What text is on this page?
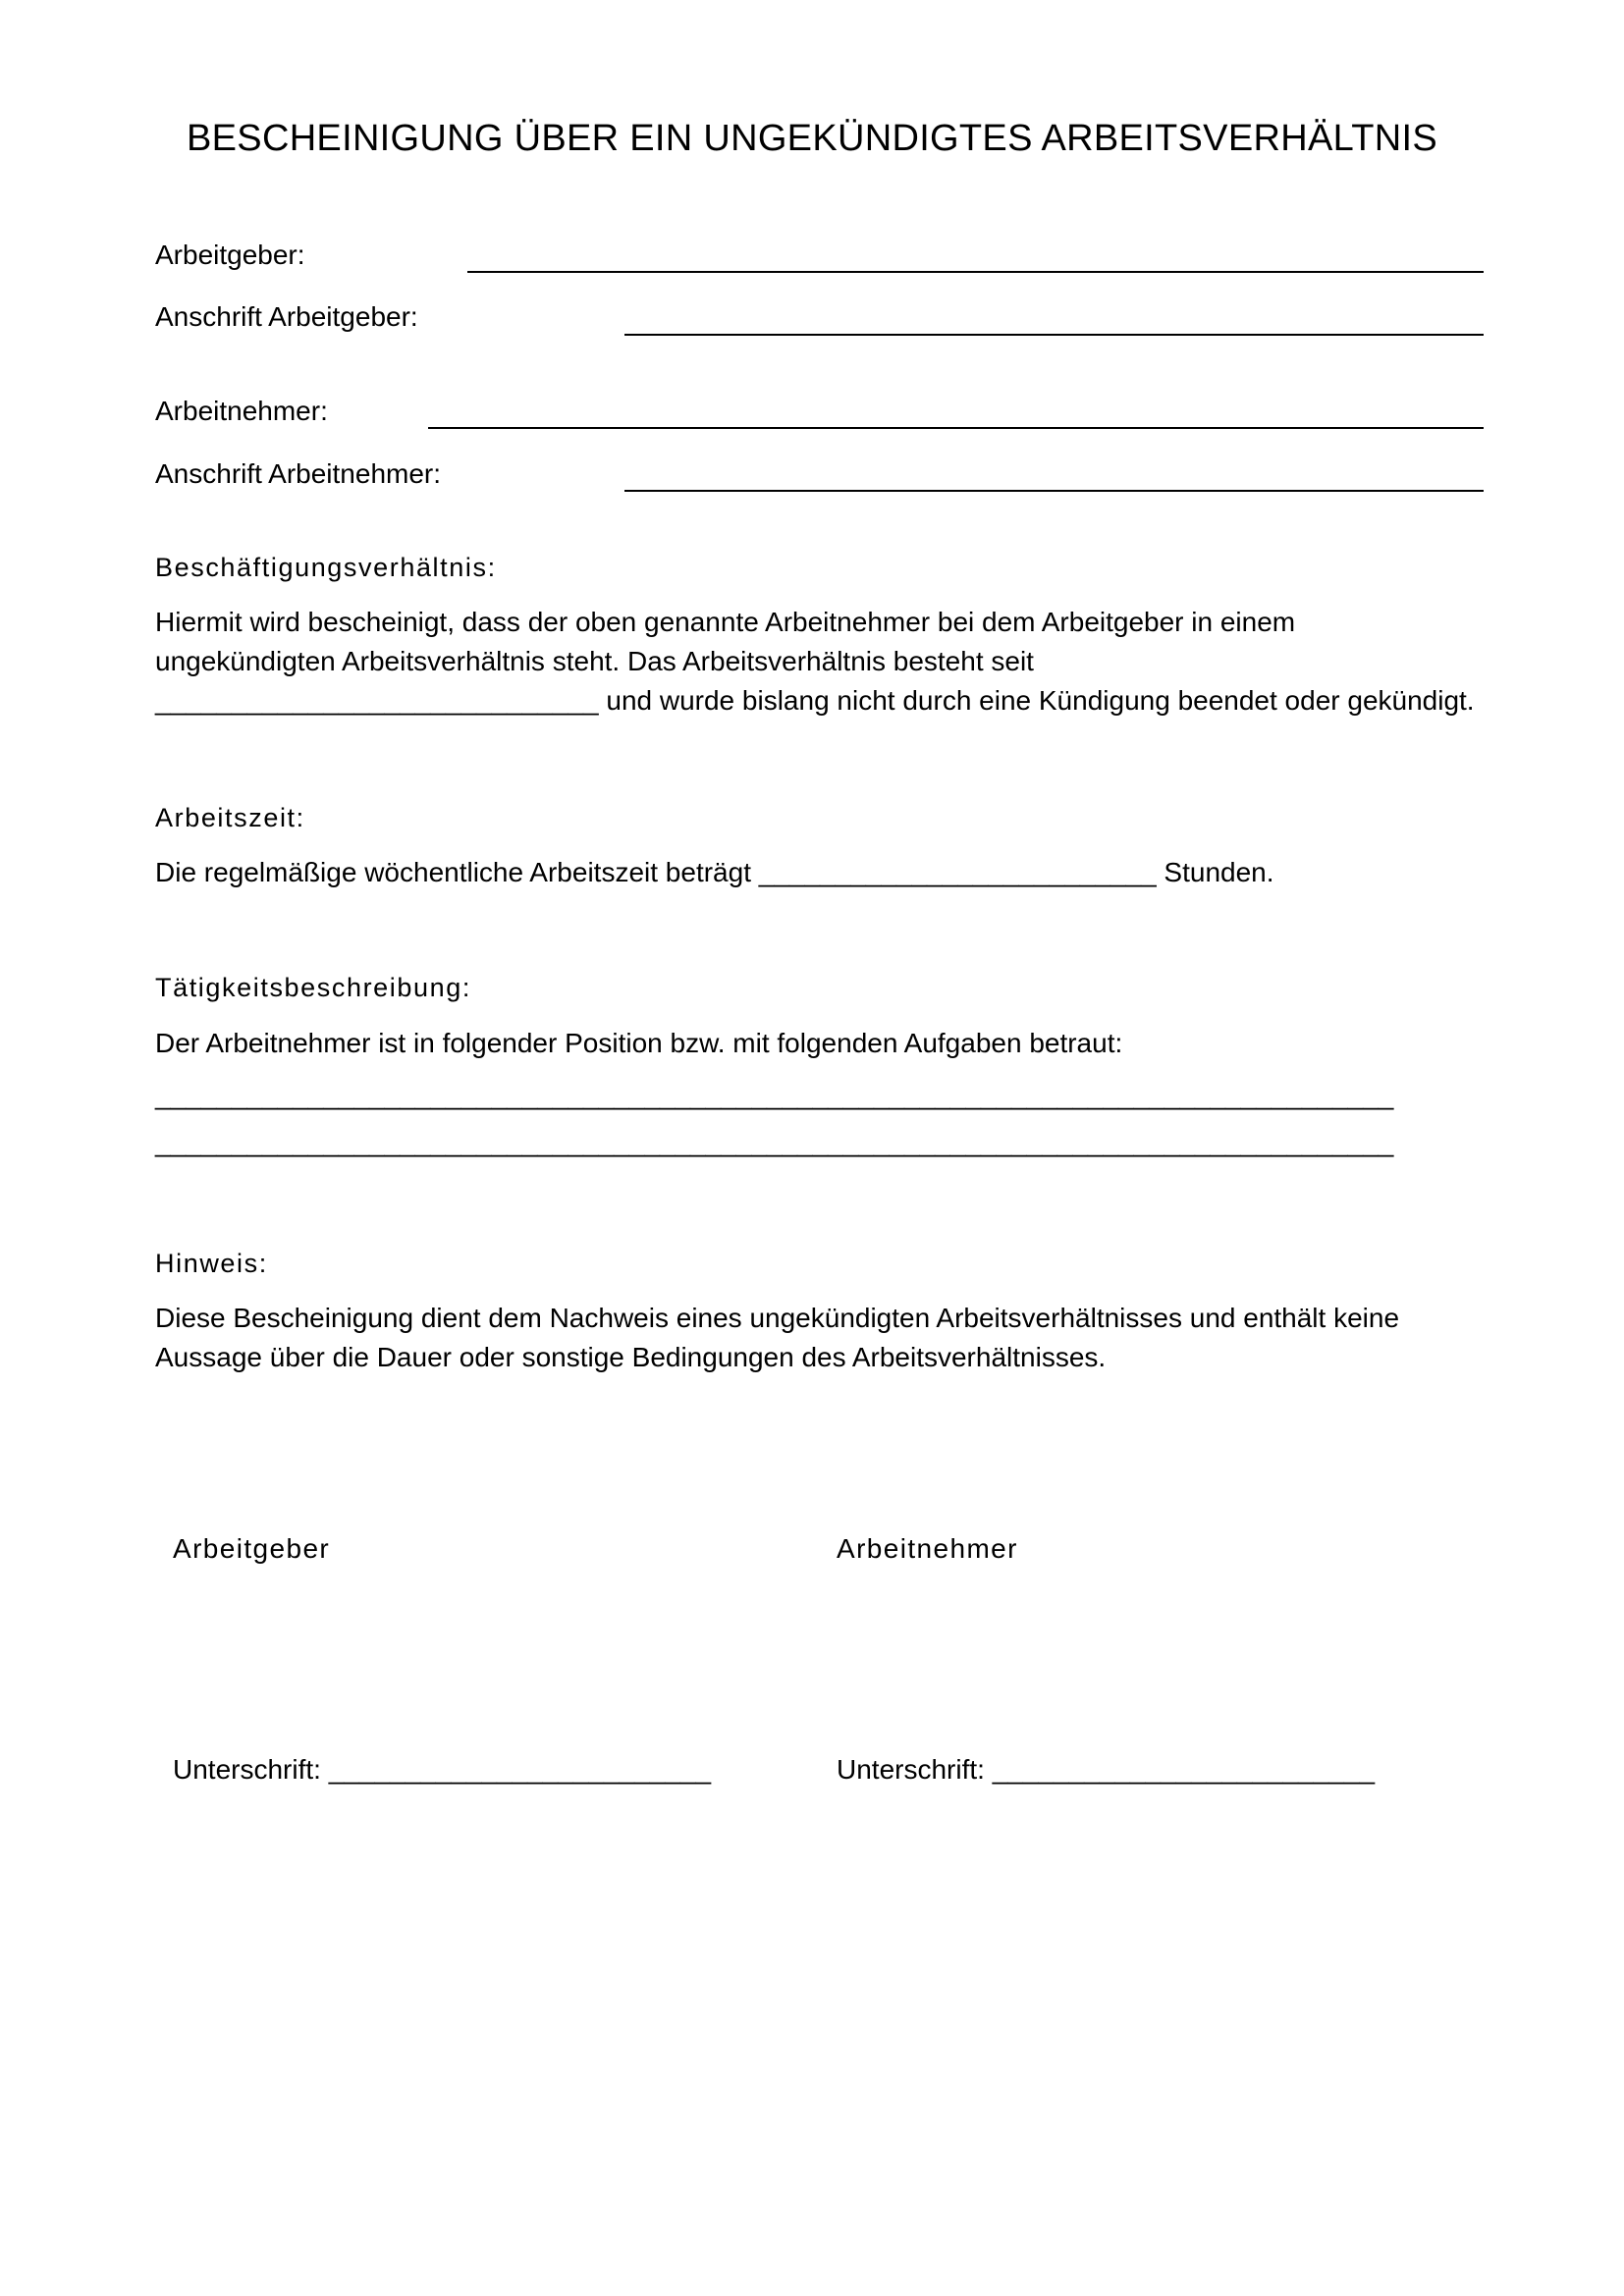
BESCHEINIGUNG ÜBER EIN UNGEKÜNDIGTES ARBEITSVERHÄLTNIS
Arbeitgeber:
Anschrift Arbeitgeber:
Arbeitnehmer:
Anschrift Arbeitnehmer:
Beschäftigungsverhältnis:
Hiermit wird bescheinigt, dass der oben genannte Arbeitnehmer bei dem Arbeitgeber in einem
ungekündigten Arbeitsverhältnis steht. Das Arbeitsverhältnis besteht seit
_____________________________ und wurde bislang nicht durch eine Kündigung beendet oder gekündigt.
Arbeitszeit:
Die regelmäßige wöchentliche Arbeitszeit beträgt __________________________ Stunden.
Tätigkeitsbeschreibung:
Der Arbeitnehmer ist in folgender Position bzw. mit folgenden Aufgaben betraut:
_________________________________________________________________________________
_________________________________________________________________________________
Hinweis:
Diese Bescheinigung dient dem Nachweis eines ungekündigten Arbeitsverhältnisses und enthält keine
Aussage über die Dauer oder sonstige Bedingungen des Arbeitsverhältnisses.
Arbeitgeber	Arbeitnehmer
Unterschrift: _________________________	Unterschrift: _________________________
